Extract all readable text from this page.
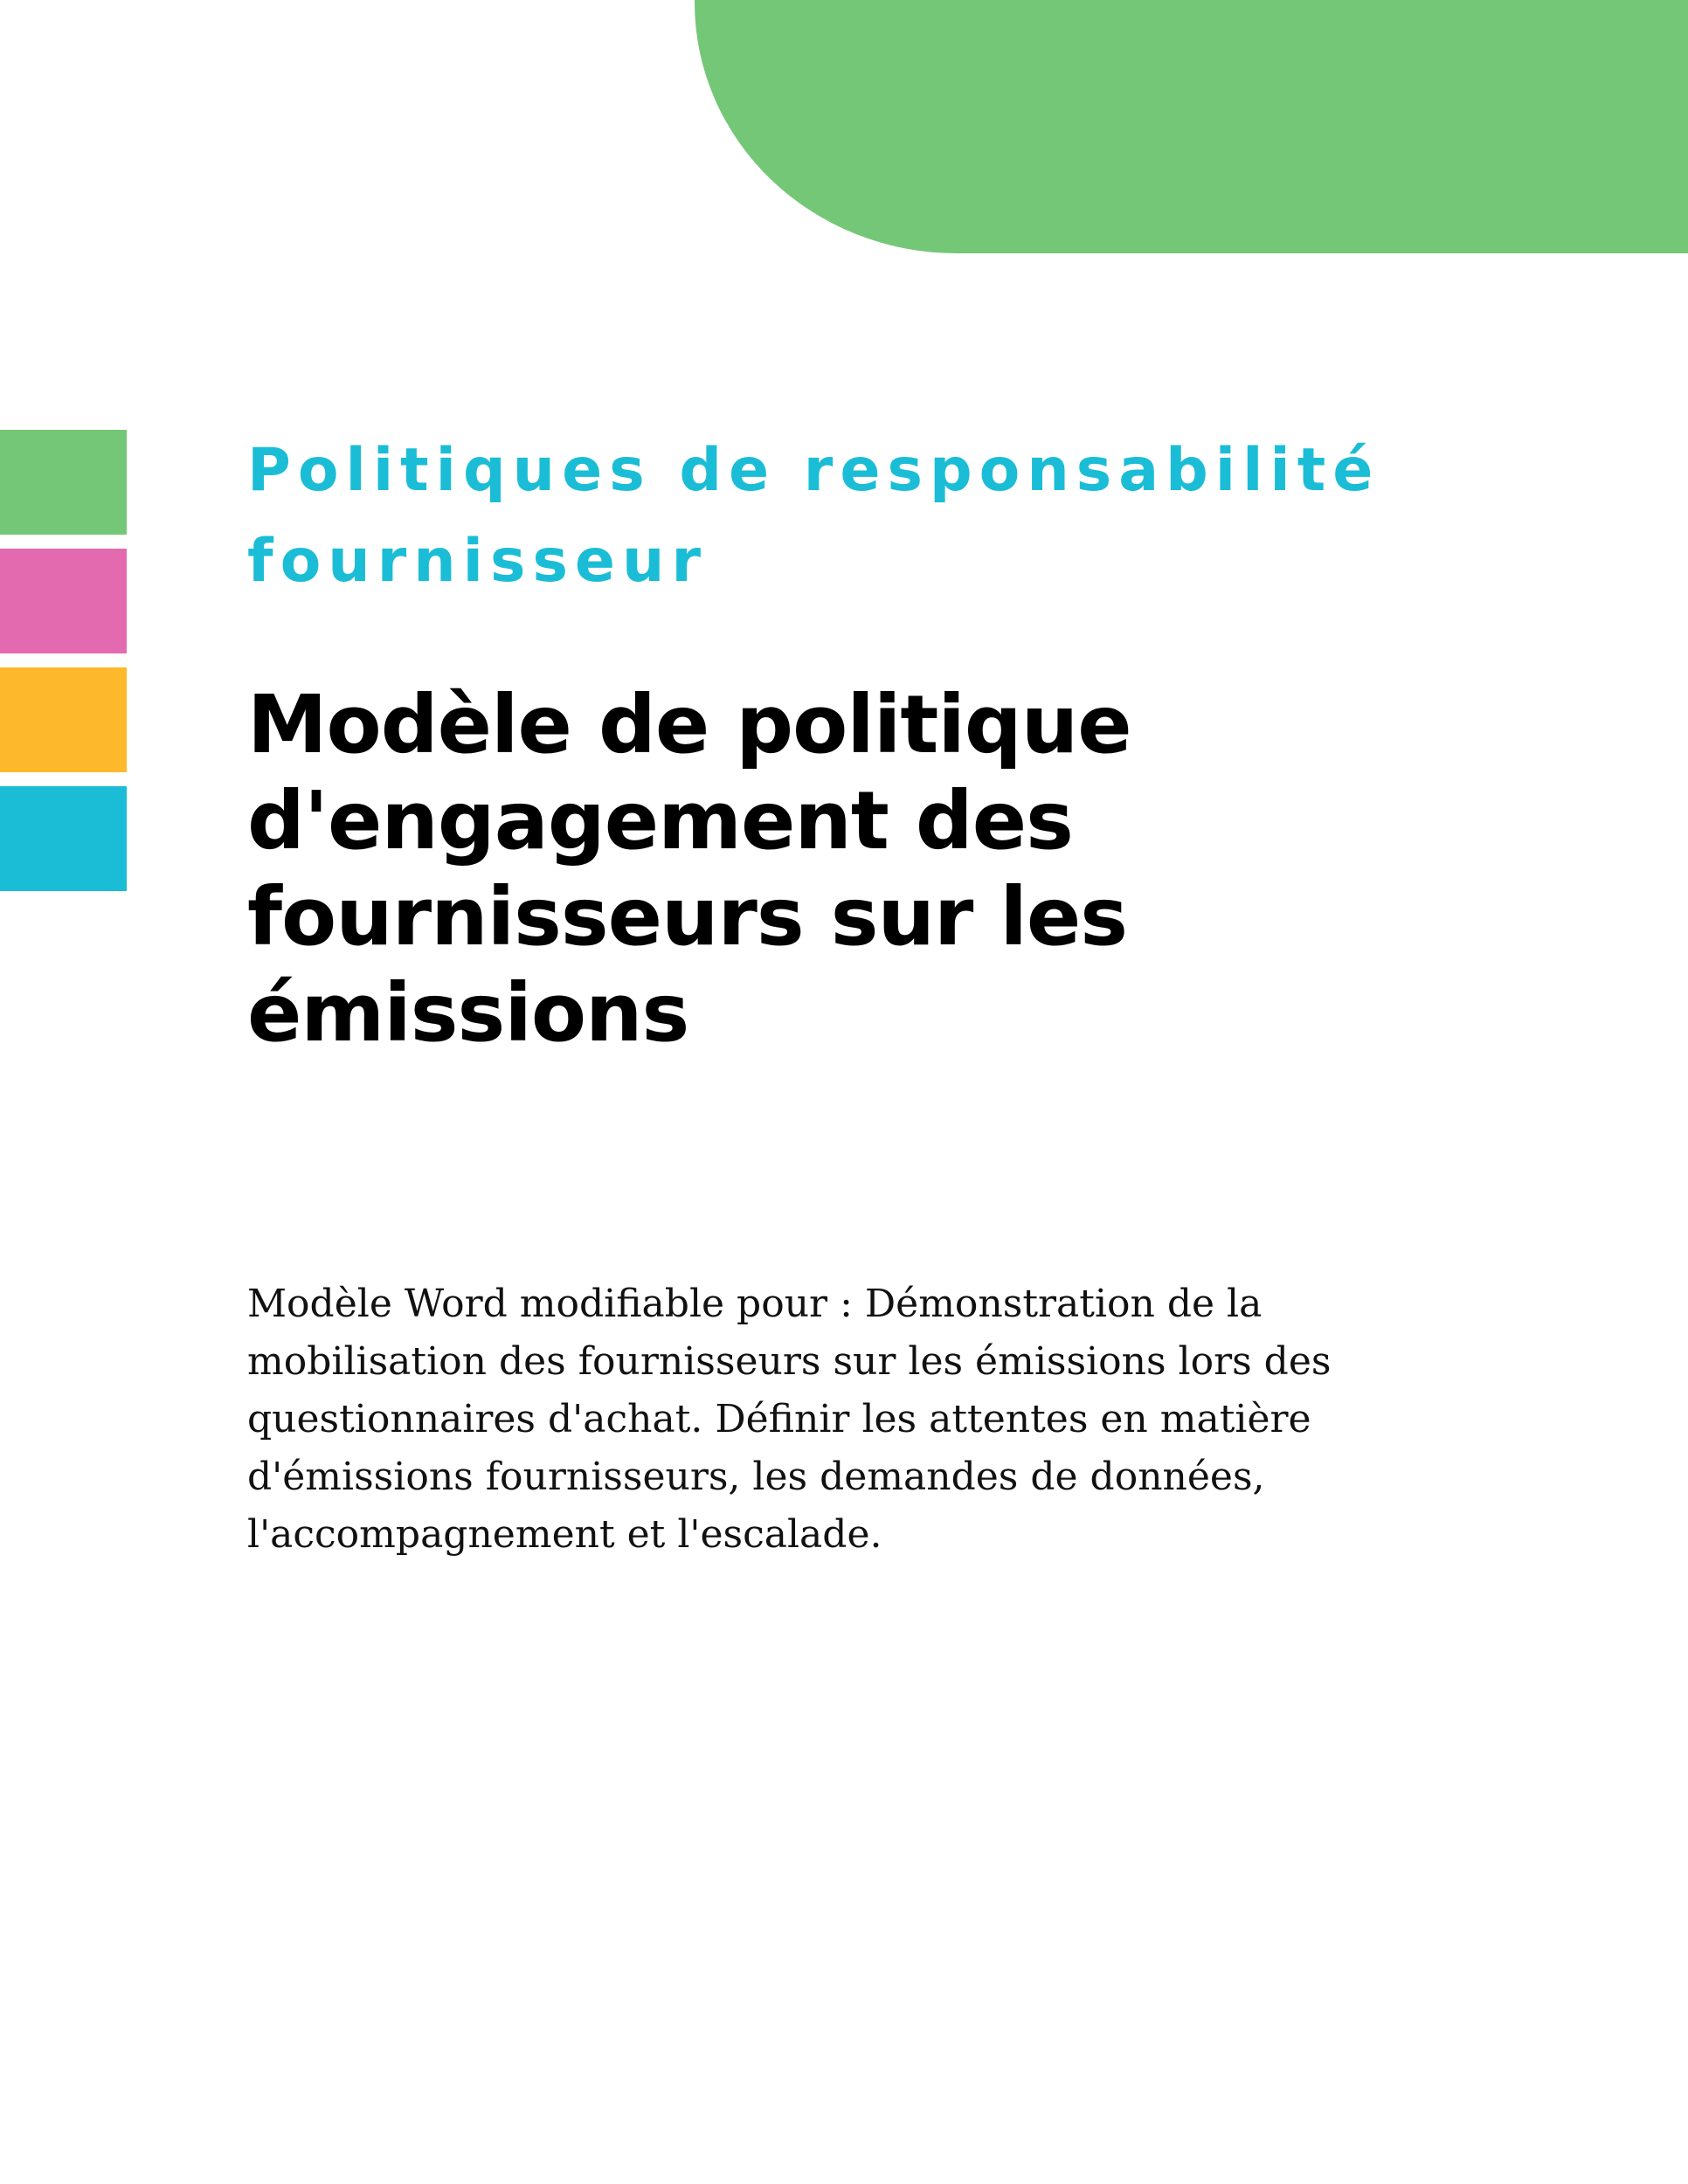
Politiques de responsabilité fournisseur
Modèle de politique d'engagement des fournisseurs sur les émissions

Modèle Word modifiable pour : Démonstration de la mobilisation des fournisseurs sur les émissions lors des questionnaires d'achat. Définir les attentes en matière d'émissions fournisseurs, les demandes de données, l'accompagnement et l'escalade.
